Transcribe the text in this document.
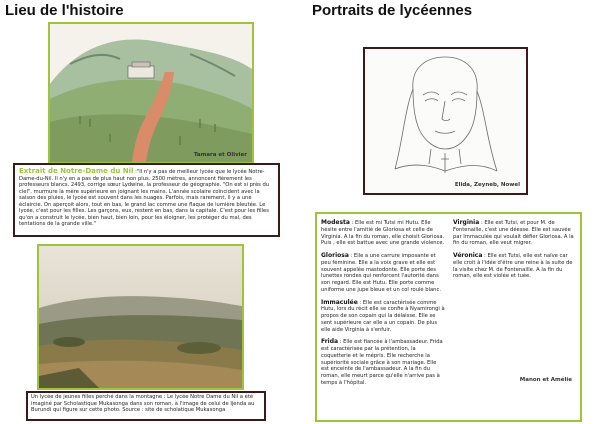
Lieu de l'histoire
Tamara et Olivier
Extrait de Notre-Dame du Nil :"Il n'y a pas de meilleur lycée que le lycée Notre-Dame-du-Nil. Il n'y en a pas de plus haut non plus. 2500 mètres, annoncent fièrement les professeurs blancs. 2493, corrige sœur Lydwine, la professeur de géographie. "On est si près du ciel", murmure la mère supérieure en joignant les mains. L'année scolaire coïncident avec la saison des pluies, le lycée est souvent dans les nuages. Parfois, mais rarement, il y a une éclaircie. On aperçoit alors, tout en bas, le grand lac comme une flaque de lumière bleutée. Le lycée, c'est pour les filles. Les garçons, eux, restent en bas, dans la capitale. C'est pour les filles qu'on a construit le lycée, bien haut, bien loin, pour les éloigner, les protéger du mal, des tentations de la grande ville."
Un lycée de jeunes filles perché dans la montagne : Le lycée Notre Dame du Nil a été imaginé par Scholastique Mukasonga dans son roman, à l'image de celui de Ijenda au Burundi qui figure sur cette photo. Source : site de scholatique Mukasonga
Portraits de lycéennes
Elida, Zeyneb, Nowel
Modesta : Elle est mi Tutsi mi Hutu. Elle hésite entre l'amitié de Gloriosa et celle de Virginia. A la fin du roman, elle choisit Gloriosa. Puis , elle est battue avec une grande violence.
Gloriosa : Elle a une carrure imposante et peu féminine. Elle a la voix grave et elle est souvent appelée mastodonte. Elle porte des lunettes rondes qui renforcent l'autorité dans son regard. Elle est Hutu. Elle porte comme uniforme une jupe bleue et un col roulé blanc.
Immaculée : Elle est caractérisée comme Hutu, lors du récit elle se confie à Nyamirongi à propos de son copain qui la délaisse. Elle se sent supérieure car elle a un copain. De plus elle aide Virginia à s'enfuir.
Frida : Elle est fiancée à l'ambassadeur. Frida est caractérisée par la prétention, la coquetterie et le mépris. Elle recherche la supériorité sociale grâce à son mariage. Elle est enceinte de l'ambassadeur. A la fin du roman, elle meurt parce qu'elle n'arrive pas à temps à l'hôpital.
Virginia : Elle est Tutsi, et pour M. de Fontenaille, c'est une déesse. Elle est sauvée par Immaculée qui voulait défier Gloriosa. A la fin du roman, elle veut migrer.
Véronica : Elle est Tutsi, elle est naïve car elle croit à l'idée d'être une reine à la suite de la visite chez M. de Fontenaille. A la fin du roman, elle est violée et tuée.
Manon et Amélie
